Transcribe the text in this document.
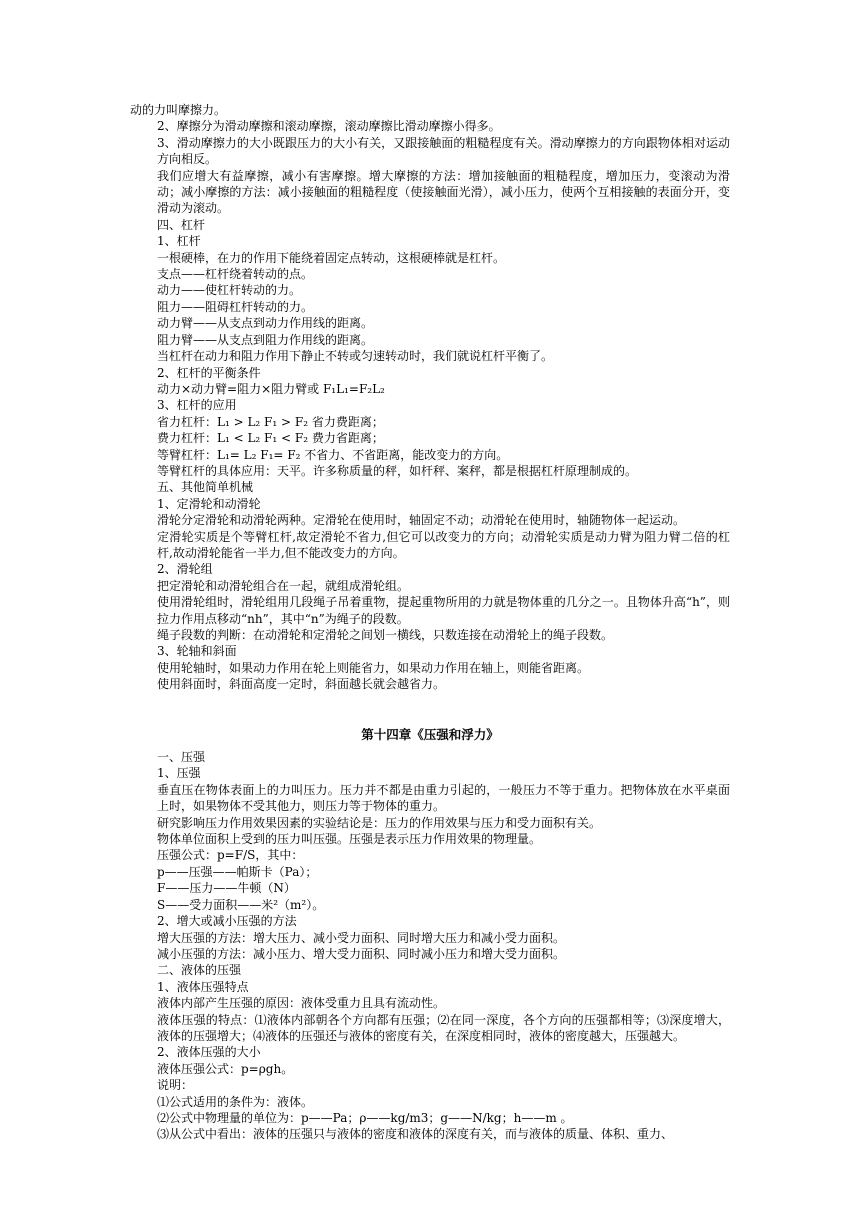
动的力叫摩擦力。
2、摩擦分为滑动摩擦和滚动摩擦，滚动摩擦比滑动摩擦小得多。
3、滑动摩擦力的大小既跟压力的大小有关，又跟接触面的粗糙程度有关。滑动摩擦力的方向跟物体相对运动方向相反。
我们应增大有益摩擦，减小有害摩擦。增大摩擦的方法：增加接触面的粗糙程度，增加压力，变滚动为滑动；减小摩擦的方法：减小接触面的粗糙程度（使接触面光滑），减小压力，使两个互相接触的表面分开，变滑动为滚动。
四、杠杆
1、杠杆
一根硬棒，在力的作用下能绕着固定点转动，这根硬棒就是杠杆。
支点——杠杆绕着转动的点。
动力——使杠杆转动的力。
阻力——阻碍杠杆转动的力。
动力臂——从支点到动力作用线的距离。
阻力臂——从支点到阻力作用线的距离。
当杠杆在动力和阻力作用下静止不转或匀速转动时，我们就说杠杆平衡了。
2、杠杆的平衡条件
动力×动力臂=阻力×阻力臂或 F₁L₁=F₂L₂
3、杠杆的应用
省力杠杆：L₁ > L₂ F₁ > F₂ 省力费距离；
费力杠杆：L₁ < L₂ F₁ < F₂ 费力省距离；
等臂杠杆：L₁= L₂ F₁= F₂ 不省力、不省距离，能改变力的方向。
等臂杠杆的具体应用：天平。许多称质量的秤，如杆秤、案秤，都是根据杠杆原理制成的。
五、其他简单机械
1、定滑轮和动滑轮
滑轮分定滑轮和动滑轮两种。定滑轮在使用时，轴固定不动；动滑轮在使用时，轴随物体一起运动。
定滑轮实质是个等臂杠杆,故定滑轮不省力,但它可以改变力的方向；动滑轮实质是动力臂为阻力臂二倍的杠杆,故动滑轮能省一半力,但不能改变力的方向。
2、滑轮组
把定滑轮和动滑轮组合在一起，就组成滑轮组。
使用滑轮组时，滑轮组用几段绳子吊着重物，提起重物所用的力就是物体重的几分之一。且物体升高“h”，则拉力作用点移动“nh”，其中“n”为绳子的段数。
绳子段数的判断：在动滑轮和定滑轮之间划一横线，只数连接在动滑轮上的绳子段数。
3、轮轴和斜面
使用轮轴时，如果动力作用在轮上则能省力，如果动力作用在轴上，则能省距离。
使用斜面时，斜面高度一定时，斜面越长就会越省力。
第十四章《压强和浮力》
一、压强
1、压强
垂直压在物体表面上的力叫压力。压力并不都是由重力引起的，一般压力不等于重力。把物体放在水平桌面上时，如果物体不受其他力，则压力等于物体的重力。
研究影响压力作用效果因素的实验结论是：压力的作用效果与压力和受力面积有关。
物体单位面积上受到的压力叫压强。压强是表示压力作用效果的物理量。
压强公式：p=F/S，其中：
p——压强——帕斯卡（Pa）；
F——压力——牛顿（N）
S——受力面积——米²（m²）。
2、增大或减小压强的方法
增大压强的方法：增大压力、减小受力面积、同时增大压力和减小受力面积。
减小压强的方法：减小压力、增大受力面积、同时减小压力和增大受力面积。
二、液体的压强
1、液体压强特点
液体内部产生压强的原因：液体受重力且具有流动性。
液体压强的特点：⑴液体内部朝各个方向都有压强；⑵在同一深度，各个方向的压强都相等；⑶深度增大，液体的压强增大；⑷液体的压强还与液体的密度有关，在深度相同时，液体的密度越大，压强越大。
2、液体压强的大小
液体压强公式：p=ρgh。
说明：
⑴公式适用的条件为：液体。
⑵公式中物理量的单位为：p——Pa；ρ——kg/m3；g——N/kg；h——m 。
⑶从公式中看出：液体的压强只与液体的密度和液体的深度有关，而与液体的质量、体积、重力、
